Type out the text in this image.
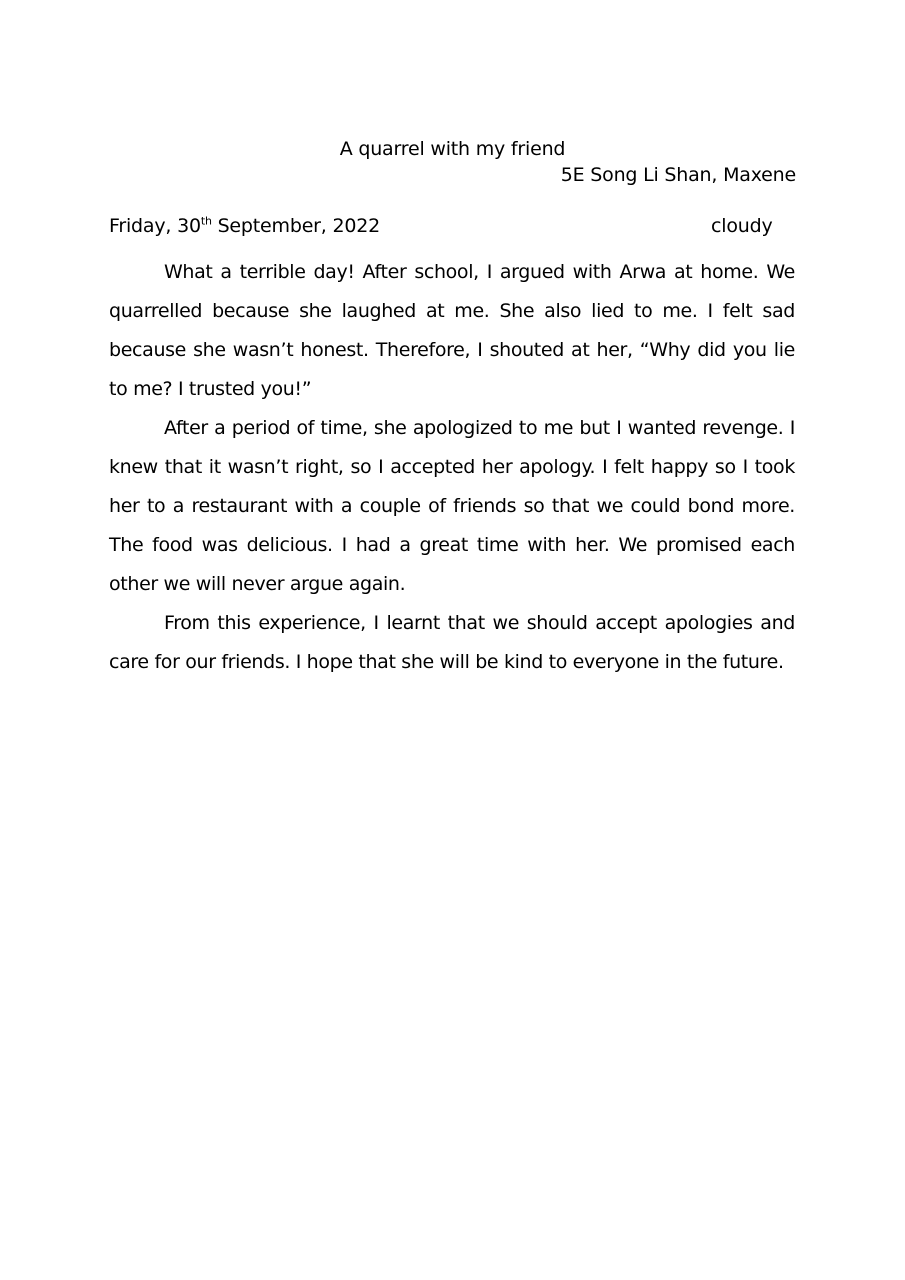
A quarrel with my friend
5E Song Li Shan, Maxene
Friday, 30th September, 2022	cloudy

What a terrible day! After school, I argued with Arwa at home. We quarrelled because she laughed at me. She also lied to me. I felt sad because she wasn’t honest. Therefore, I shouted at her, “Why did you lie to me? I trusted you!”

After a period of time, she apologized to me but I wanted revenge. I knew that it wasn’t right, so I accepted her apology. I felt happy so I took her to a restaurant with a couple of friends so that we could bond more. The food was delicious. I had a great time with her. We promised each other we will never argue again.

From this experience, I learnt that we should accept apologies and care for our friends. I hope that she will be kind to everyone in the future.
